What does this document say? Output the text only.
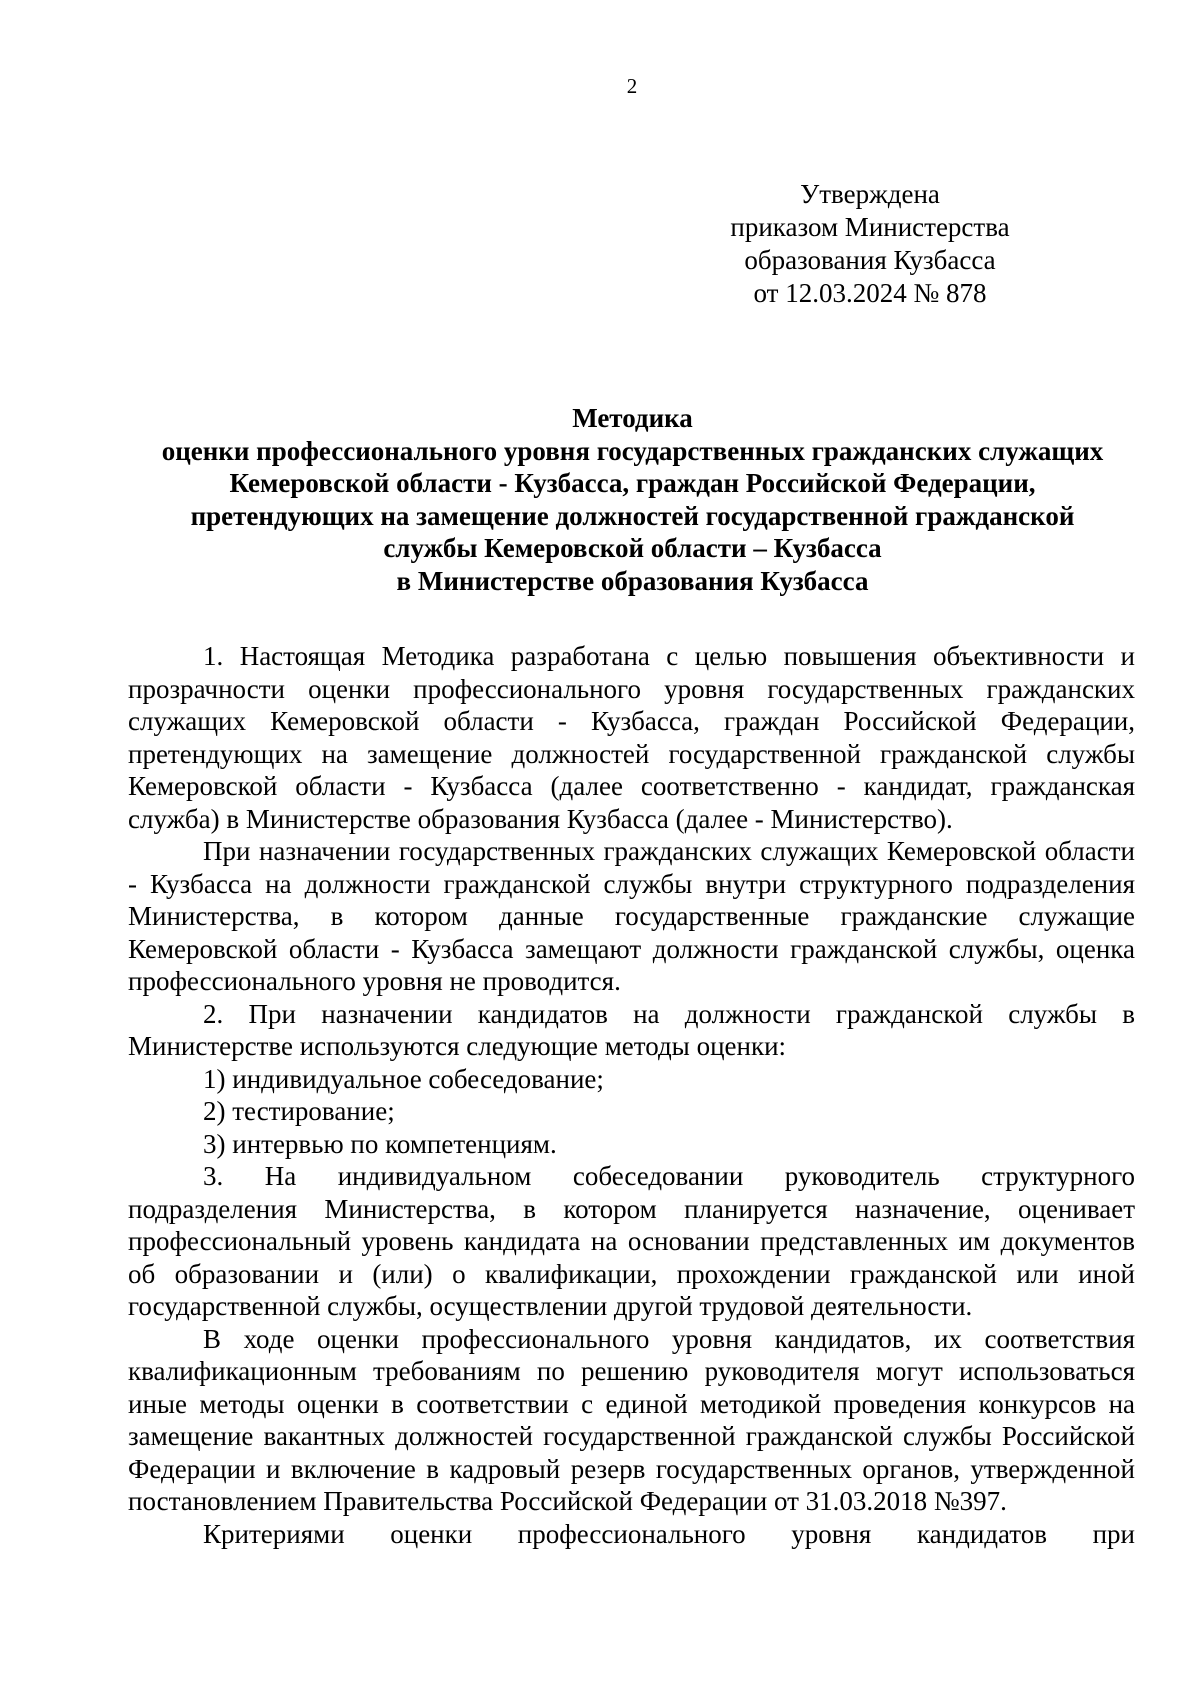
2
Утверждена
приказом Министерства
образования Кузбасса
от 12.03.2024 № 878
Методика
оценки профессионального уровня государственных гражданских служащих
Кемеровской области - Кузбасса, граждан Российской Федерации,
претендующих на замещение должностей государственной гражданской
службы Кемеровской области – Кузбасса
в Министерстве образования Кузбасса

1. Настоящая Методика разработана с целью повышения объективности и прозрачности оценки профессионального уровня государственных гражданских служащих Кемеровской области - Кузбасса, граждан Российской Федерации, претендующих на замещение должностей государственной гражданской службы Кемеровской области - Кузбасса (далее соответственно - кандидат, гражданская служба) в Министерстве образования Кузбасса (далее - Министерство).

При назначении государственных гражданских служащих Кемеровской области - Кузбасса на должности гражданской службы внутри структурного подразделения Министерства, в котором данные государственные гражданские служащие Кемеровской области - Кузбасса замещают должности гражданской службы, оценка профессионального уровня не проводится.

2. При назначении кандидатов на должности гражданской службы в Министерстве используются следующие методы оценки:

1) индивидуальное собеседование;

2) тестирование;

3) интервью по компетенциям.

3. На индивидуальном собеседовании руководитель структурного подразделения Министерства, в котором планируется назначение, оценивает профессиональный уровень кандидата на основании представленных им документов об образовании и (или) о квалификации, прохождении гражданской или иной государственной службы, осуществлении другой трудовой деятельности.

В ходе оценки профессионального уровня кандидатов, их соответствия квалификационным требованиям по решению руководителя могут использоваться иные методы оценки в соответствии с единой методикой проведения конкурсов на замещение вакантных должностей государственной гражданской службы Российской Федерации и включение в кадровый резерв государственных органов, утвержденной постановлением Правительства Российской Федерации от 31.03.2018 №397.

Критериями оценки профессионального уровня кандидатов при
